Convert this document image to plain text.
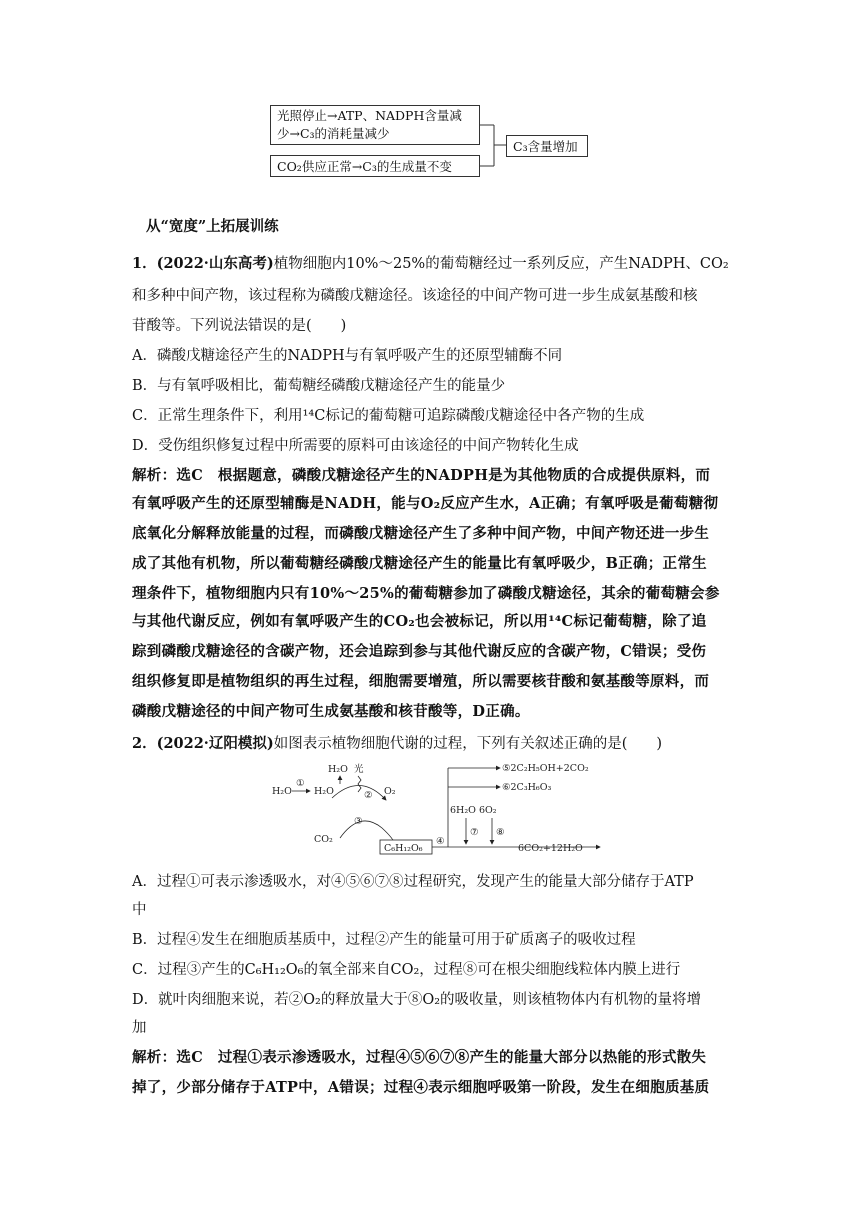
光照停止→ATP、NADPH含量减
少→C₃的消耗量减少
CO₂供应正常→C₃的生成量不变
C₃含量增加
从“宽度”上拓展训练
1．(2022·山东高考)植物细胞内10%～25%的葡萄糖经过一系列反应，产生NADPH、CO₂
和多种中间产物，该过程称为磷酸戊糖途径。该途径的中间产物可进一步生成氨基酸和核
苷酸等。下列说法错误的是(　　)
A．磷酸戊糖途径产生的NADPH与有氧呼吸产生的还原型辅酶不同
B．与有氧呼吸相比，葡萄糖经磷酸戊糖途径产生的能量少
C．正常生理条件下，利用¹⁴C标记的葡萄糖可追踪磷酸戊糖途径中各产物的生成
D．受伤组织修复过程中所需要的原料可由该途径的中间产物转化生成
解析：选C　根据题意，磷酸戊糖途径产生的NADPH是为其他物质的合成提供原料，而
有氧呼吸产生的还原型辅酶是NADH，能与O₂反应产生水，A正确；有氧呼吸是葡萄糖彻
底氧化分解释放能量的过程，而磷酸戊糖途径产生了多种中间产物，中间产物还进一步生
成了其他有机物，所以葡萄糖经磷酸戊糖途径产生的能量比有氧呼吸少，B正确；正常生
理条件下，植物细胞内只有10%～25%的葡萄糖参加了磷酸戊糖途径，其余的葡萄糖会参
与其他代谢反应，例如有氧呼吸产生的CO₂也会被标记，所以用¹⁴C标记葡萄糖，除了追
踪到磷酸戊糖途径的含碳产物，还会追踪到参与其他代谢反应的含碳产物，C错误；受伤
组织修复即是植物组织的再生过程，细胞需要增殖，所以需要核苷酸和氨基酸等原料，而
磷酸戊糖途径的中间产物可生成氨基酸和核苷酸等，D正确。
2．(2022·辽阳模拟)如图表示植物细胞代谢的过程，下列有关叙述正确的是(　　)
H₂O
①
H₂O
H₂O 光
② O₂
③
CO₂
C₆H₁₂O₆
④
⑤2C₂H₅OH+2CO₂
⑥2C₃H₆O₃
6H₂O 6O₂
⑦ ⑧
6CO₂+12H₂O
A．过程①可表示渗透吸水，对④⑤⑥⑦⑧过程研究，发现产生的能量大部分储存于ATP
中
B．过程④发生在细胞质基质中，过程②产生的能量可用于矿质离子的吸收过程
C．过程③产生的C₆H₁₂O₆的氧全部来自CO₂，过程⑧可在根尖细胞线粒体内膜上进行
D．就叶肉细胞来说，若②O₂的释放量大于⑧O₂的吸收量，则该植物体内有机物的量将增
加
解析：选C　过程①表示渗透吸水，过程④⑤⑥⑦⑧产生的能量大部分以热能的形式散失
掉了，少部分储存于ATP中，A错误；过程④表示细胞呼吸第一阶段，发生在细胞质基质
